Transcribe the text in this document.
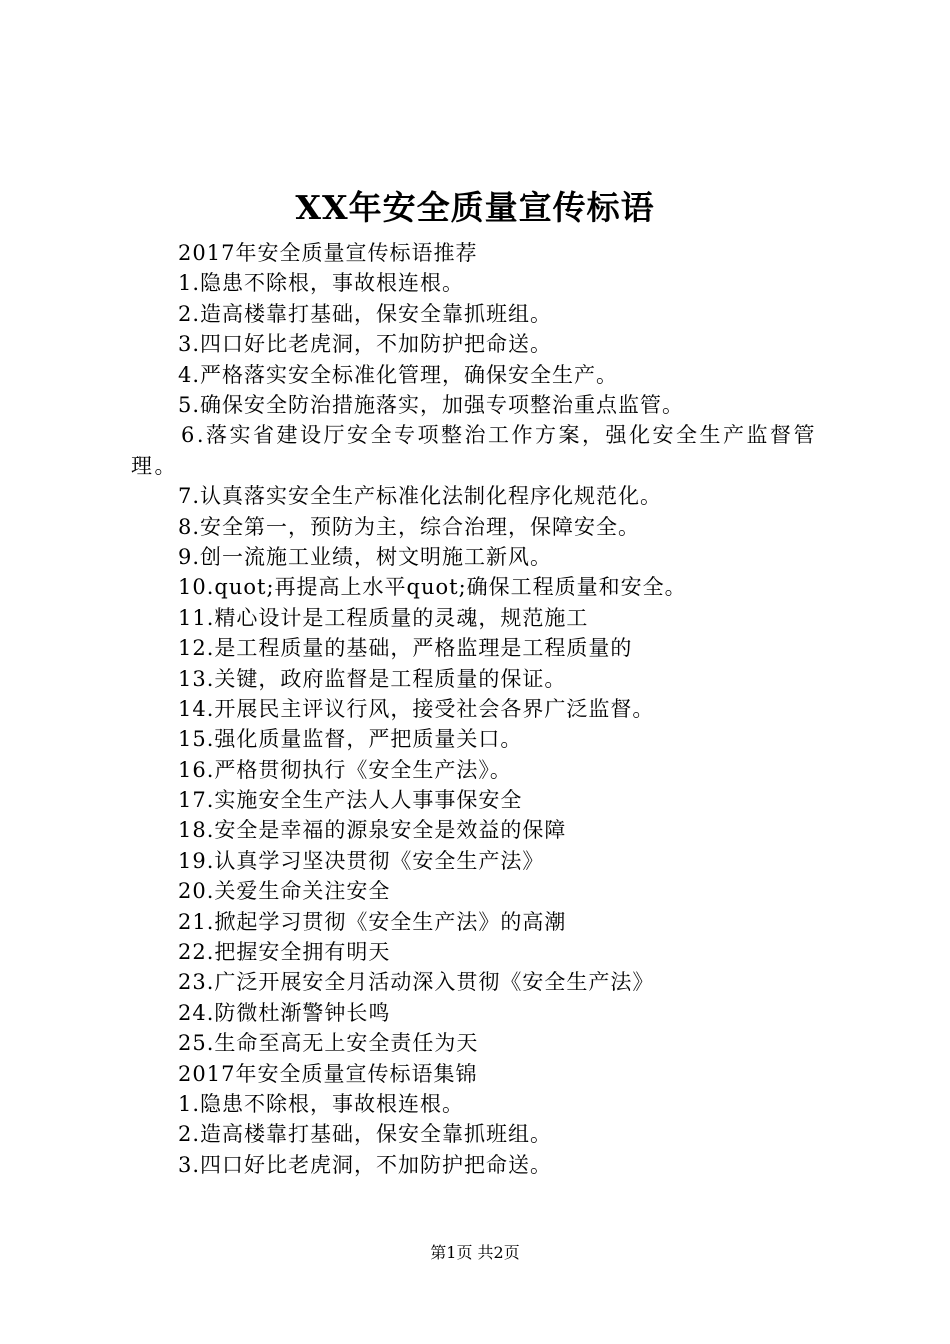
XX年安全质量宣传标语
2017年安全质量宣传标语推荐
1.隐患不除根，事故根连根。
2.造高楼靠打基础，保安全靠抓班组。
3.四口好比老虎洞，不加防护把命送。
4.严格落实安全标准化管理，确保安全生产。
5.确保安全防治措施落实，加强专项整治重点监管。
6.落实省建设厅安全专项整治工作方案，强化安全生产监督管理。
7.认真落实安全生产标准化法制化程序化规范化。
8.安全第一，预防为主，综合治理，保障安全。
9.创一流施工业绩，树文明施工新风。
10.quot;再提高上水平quot;确保工程质量和安全。
11.精心设计是工程质量的灵魂，规范施工
12.是工程质量的基础，严格监理是工程质量的
13.关键，政府监督是工程质量的保证。
14.开展民主评议行风，接受社会各界广泛监督。
15.强化质量监督，严把质量关口。
16.严格贯彻执行《安全生产法》。
17.实施安全生产法人人事事保安全
18.安全是幸福的源泉安全是效益的保障
19.认真学习坚决贯彻《安全生产法》
20.关爱生命关注安全
21.掀起学习贯彻《安全生产法》的高潮
22.把握安全拥有明天
23.广泛开展安全月活动深入贯彻《安全生产法》
24.防微杜渐警钟长鸣
25.生命至高无上安全责任为天
2017年安全质量宣传标语集锦
1.隐患不除根，事故根连根。
2.造高楼靠打基础，保安全靠抓班组。
3.四口好比老虎洞，不加防护把命送。
第1页 共2页
